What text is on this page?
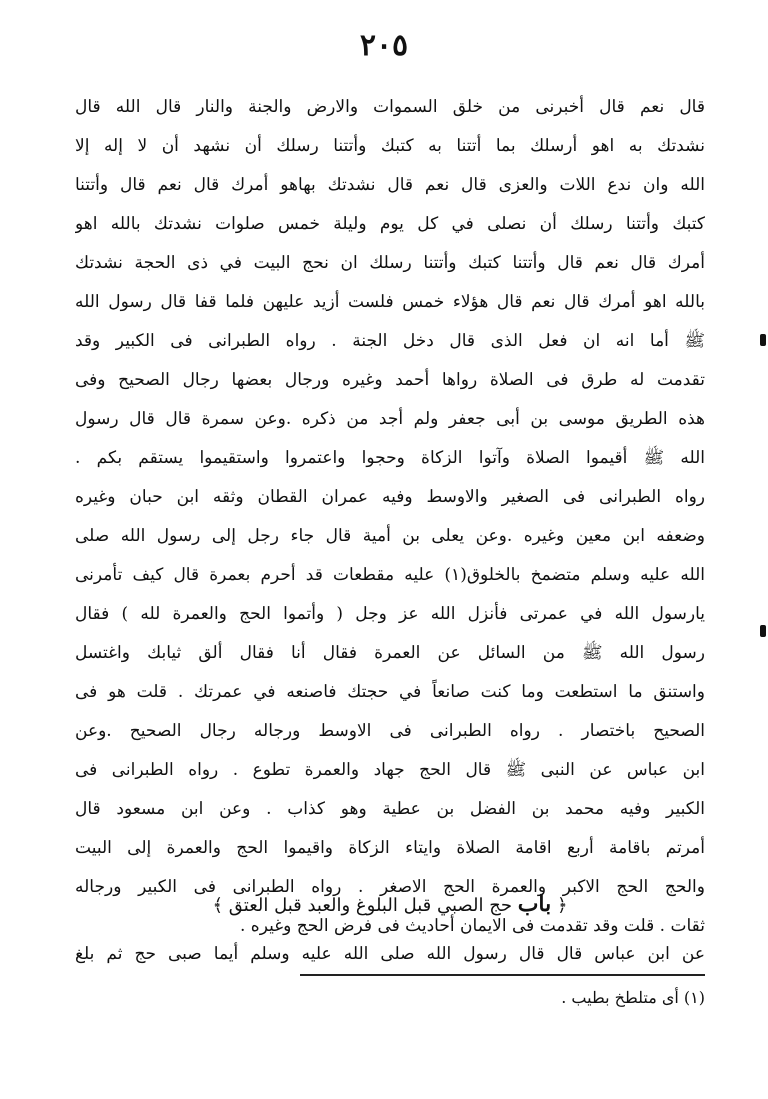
٢٠٥
قال نعم قال أخبرنى من خلق السموات والارض والجنة والنار قال الله قال
نشدتك به اهو أرسلك بما أتتنا به كتبك وأتتنا رسلك أن نشهد أن لا إله إلا
الله وان ندع اللات والعزى قال نعم قال نشدتك بهاهو أمرك قال نعم قال وأتتنا
كتبك وأتتنا رسلك أن نصلى في كل يوم وليلة خمس صلوات نشدتك بالله اهو
أمرك قال نعم قال وأتتنا كتبك وأتتنا رسلك ان نحج البيت في ذى الحجة نشدتك
بالله اهو أمرك قال نعم قال هؤلاء خمس فلست أزيد عليهن فلما قفا قال رسول الله
ﷺ أما انه ان فعل الذى قال دخل الجنة . رواه الطبرانى فى الكبير وقد
تقدمت له طرق فى الصلاة رواها أحمد وغيره ورجال بعضها رجال الصحيح وفى
هذه الطريق موسى بن أبى جعفر ولم أجد من ذكره .وعن سمرة قال قال رسول
الله ﷺ أقيموا الصلاة وآتوا الزكاة وحجوا واعتمروا واستقيموا يستقم بكم .
رواه الطبرانى فى الصغير والاوسط وفيه عمران القطان وثقه ابن حبان وغيره
وضعفه ابن معين وغيره .وعن يعلى بن أمية قال جاء رجل إلى رسول الله صلى
الله عليه وسلم متضمخ بالخلوق(١) عليه مقطعات قد أحرم بعمرة قال كيف تأمرنى
يارسول الله في عمرتى فأنزل الله عز وجل ( وأتموا الحج والعمرة لله ) فقال
رسول الله ﷺ من السائل عن العمرة فقال أنا فقال ألق ثيابك واغتسل
واستنق ما استطعت وما كنت صانعاً في حجتك فاصنعه في عمرتك . قلت هو فى
الصحيح باختصار . رواه الطبرانى فى الاوسط ورجاله رجال الصحيح .وعن
ابن عباس عن النبى ﷺ قال الحج جهاد والعمرة تطوع . رواه الطبرانى فى
الكبير وفيه محمد بن الفضل بن عطية وهو كذاب . وعن ابن مسعود قال
أمرتم باقامة أربع اقامة الصلاة وايتاء الزكاة واقيموا الحج والعمرة إلى البيت
والحج الحج الاكبر والعمرة الحج الاصغر . رواه الطبرانى فى الكبير ورجاله
ثقات . قلت وقد تقدمت فى الايمان أحاديث فى فرض الحج وغيره .
﴿ باب حج الصبي قبل البلوغ والعبد قبل العتق ﴾
عن ابن عباس قال قال رسول الله صلى الله عليه وسلم أيما صبى حج ثم بلغ
(١) أى متلطخ بطيب .
